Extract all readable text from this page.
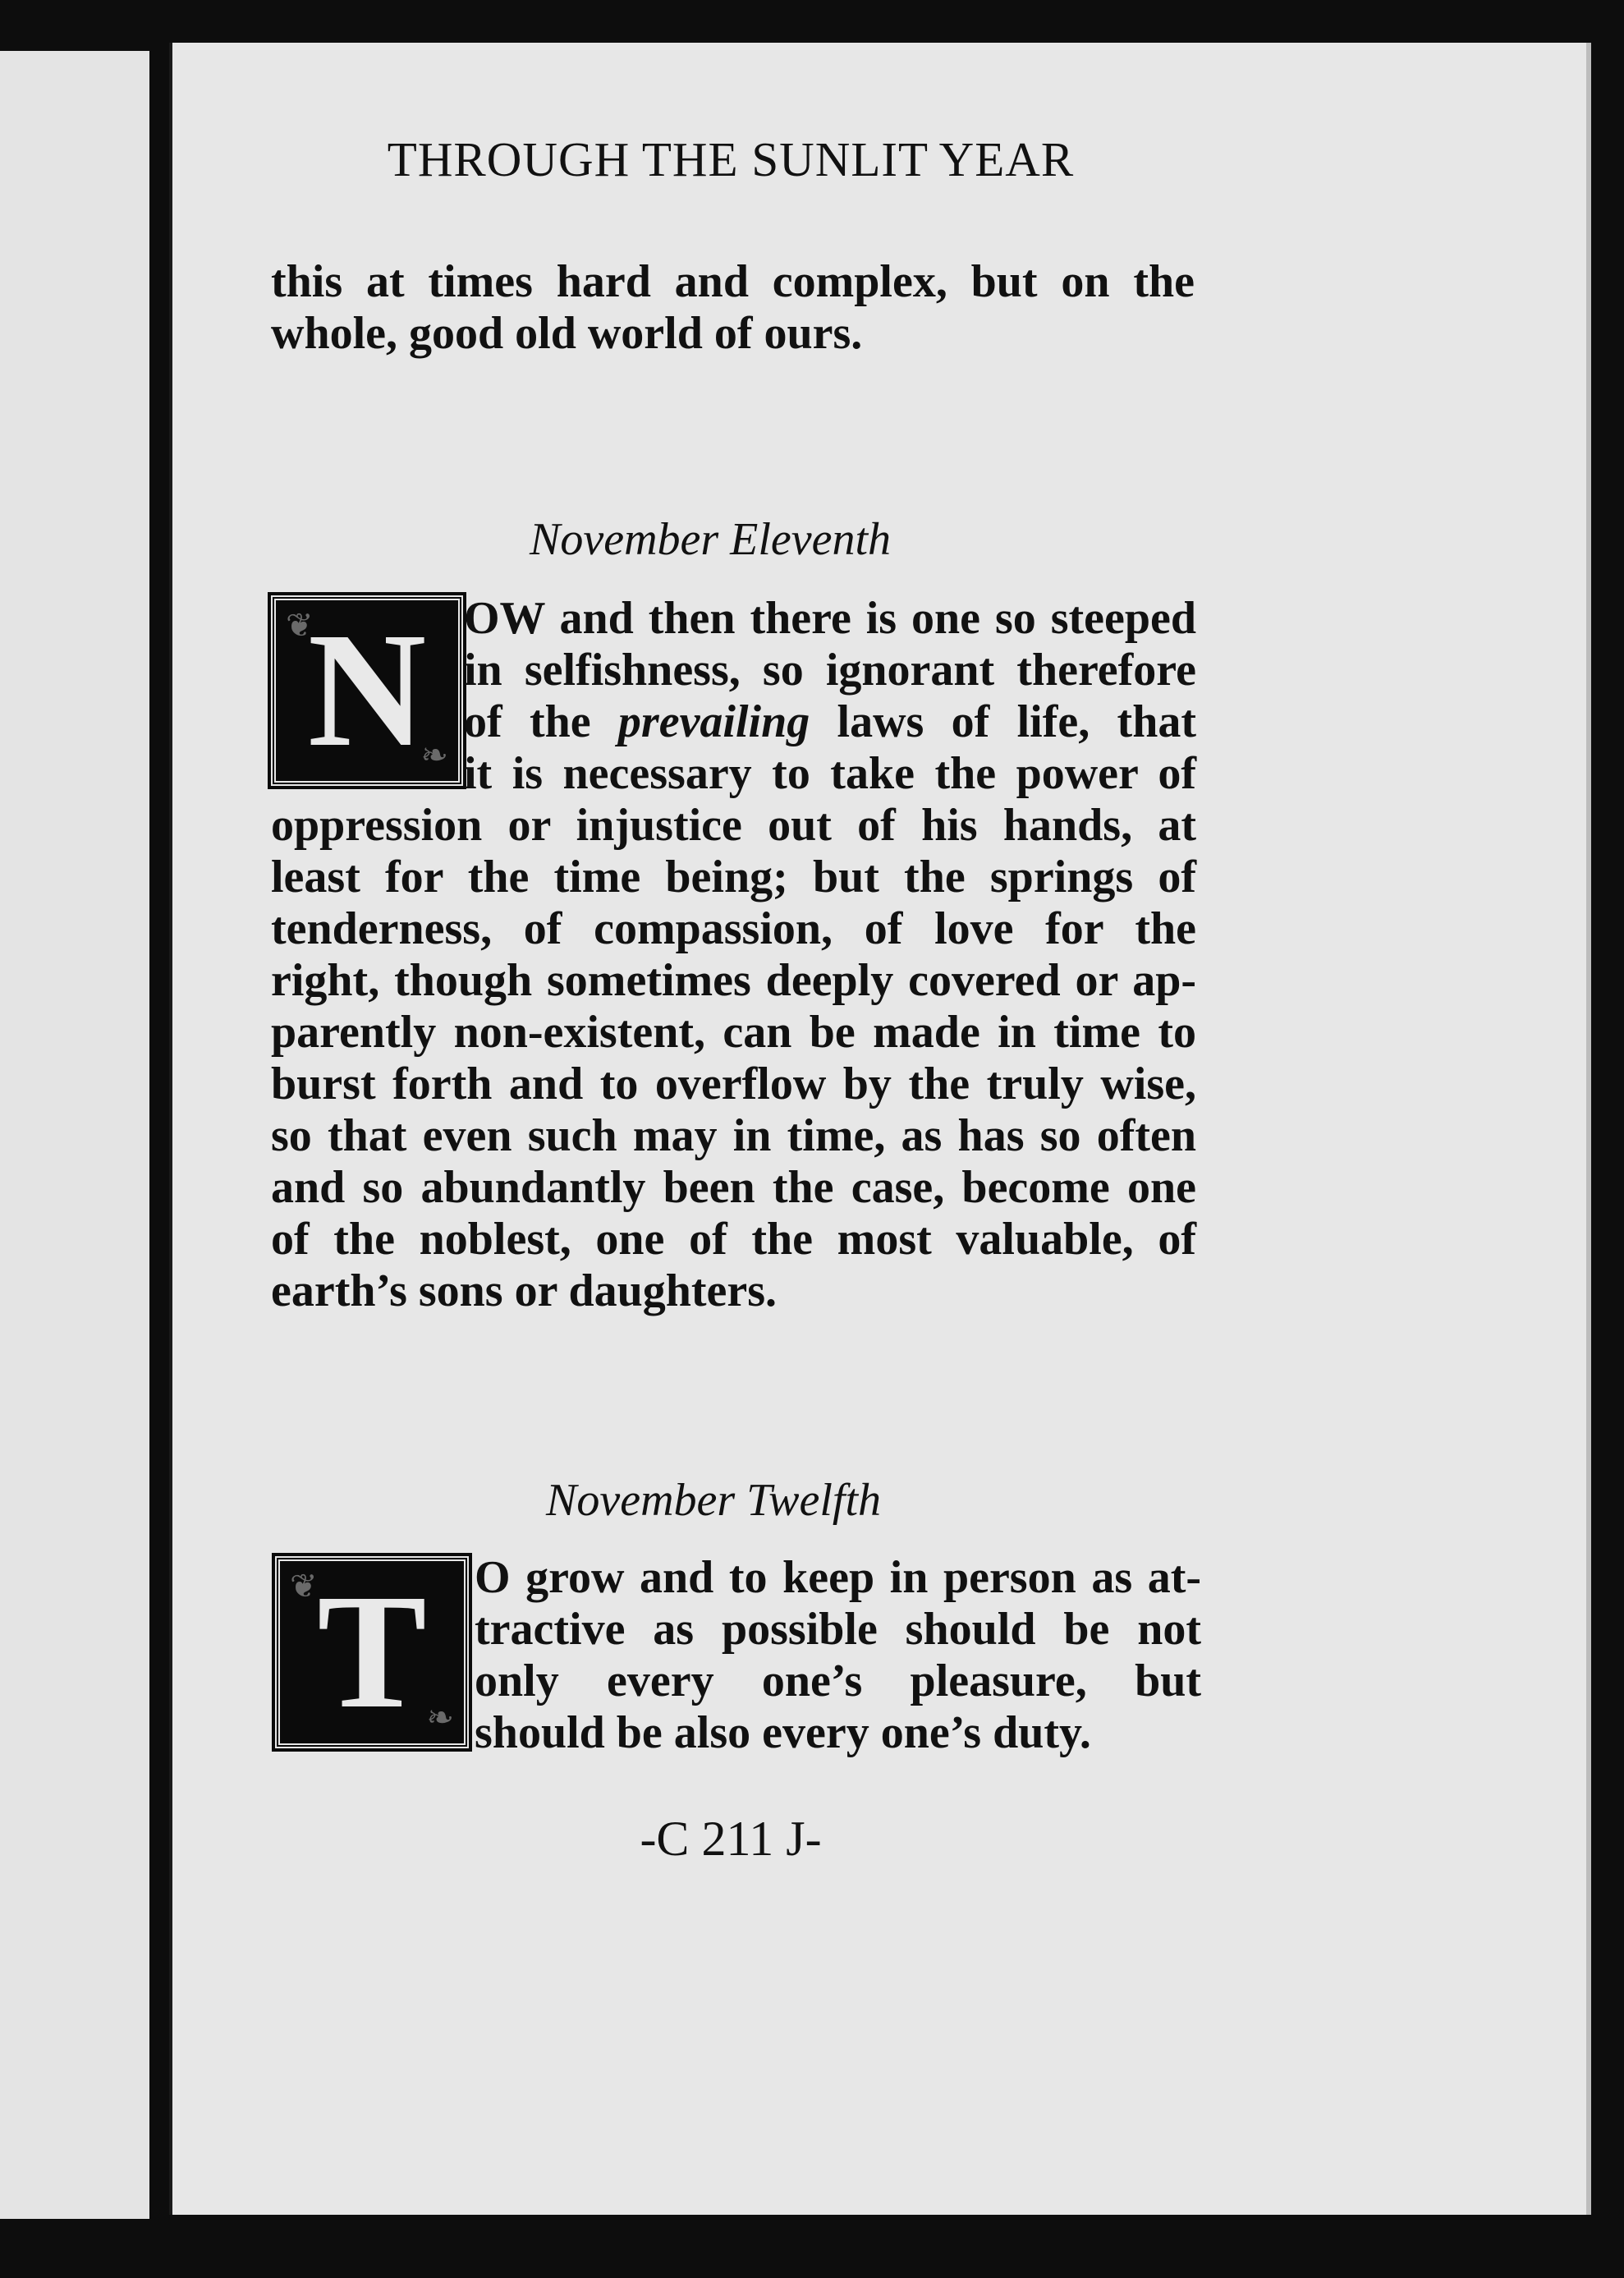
THROUGH THE SUNLIT YEAR
this at times hard and complex, but on the
whole, good old world of ours.
November Eleventh
❦
❧
N OW and then there is one so steeped
in selfishness, so ignorant therefore
of the prevailing laws of life, that
it is necessary to take the power of
oppression or injustice out of his hands, at
least for the time being; but the springs of
tenderness, of compassion, of love for the
right, though sometimes deeply covered or ap-
parently non-existent, can be made in time to
burst forth and to overflow by the truly wise,
so that even such may in time, as has so often
and so abundantly been the case, become one
of the noblest, one of the most valuable, of
earth’s sons or daughters.
November Twelfth
❦
❧
T O grow and to keep in person as at-
tractive as possible should be not
only every one’s pleasure, but
should be also every one’s duty.
-C 211 J-
